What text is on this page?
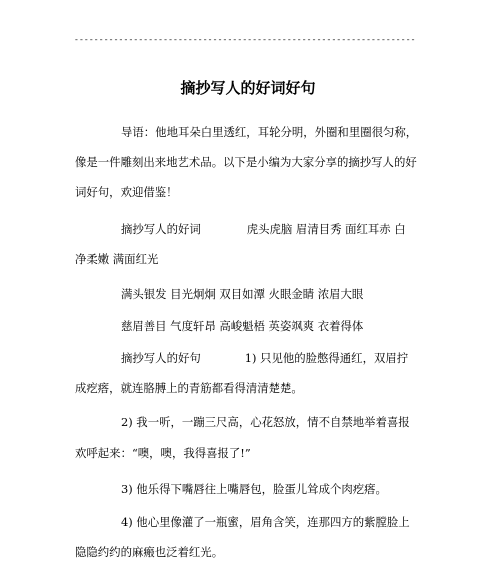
---------------------------------------------------------------------
摘抄写人的好词好句
导语：他地耳朵白里透红，耳轮分明，外圈和里圈很匀称，
像是一件雕刻出来地艺术品。以下是小编为大家分享的摘抄写人的好
词好句，欢迎借鉴！
摘抄写人的好词	虎头虎脑 眉清目秀 面红耳赤 白
净柔嫩 满面红光
满头银发 目光炯炯 双目如潭 火眼金睛 浓眉大眼
慈眉善目 气度轩昂 高峻魁梧 英姿飒爽 衣着得体
摘抄写人的好句	1) 只见他的脸憋得通红，双眉拧
成疙瘩，就连胳膊上的青筋都看得清清楚楚。
2) 我一听，一蹦三尺高，心花怒放，情不自禁地举着喜报
欢呼起来：“噢，噢，我得喜报了!”
3) 他乐得下嘴唇往上嘴唇包，脸蛋儿耸成个肉疙瘩。
4) 他心里像灌了一瓶蜜，眉角含笑，连那四方的紫膛脸上
隐隐约约的麻瘢也泛着红光。
